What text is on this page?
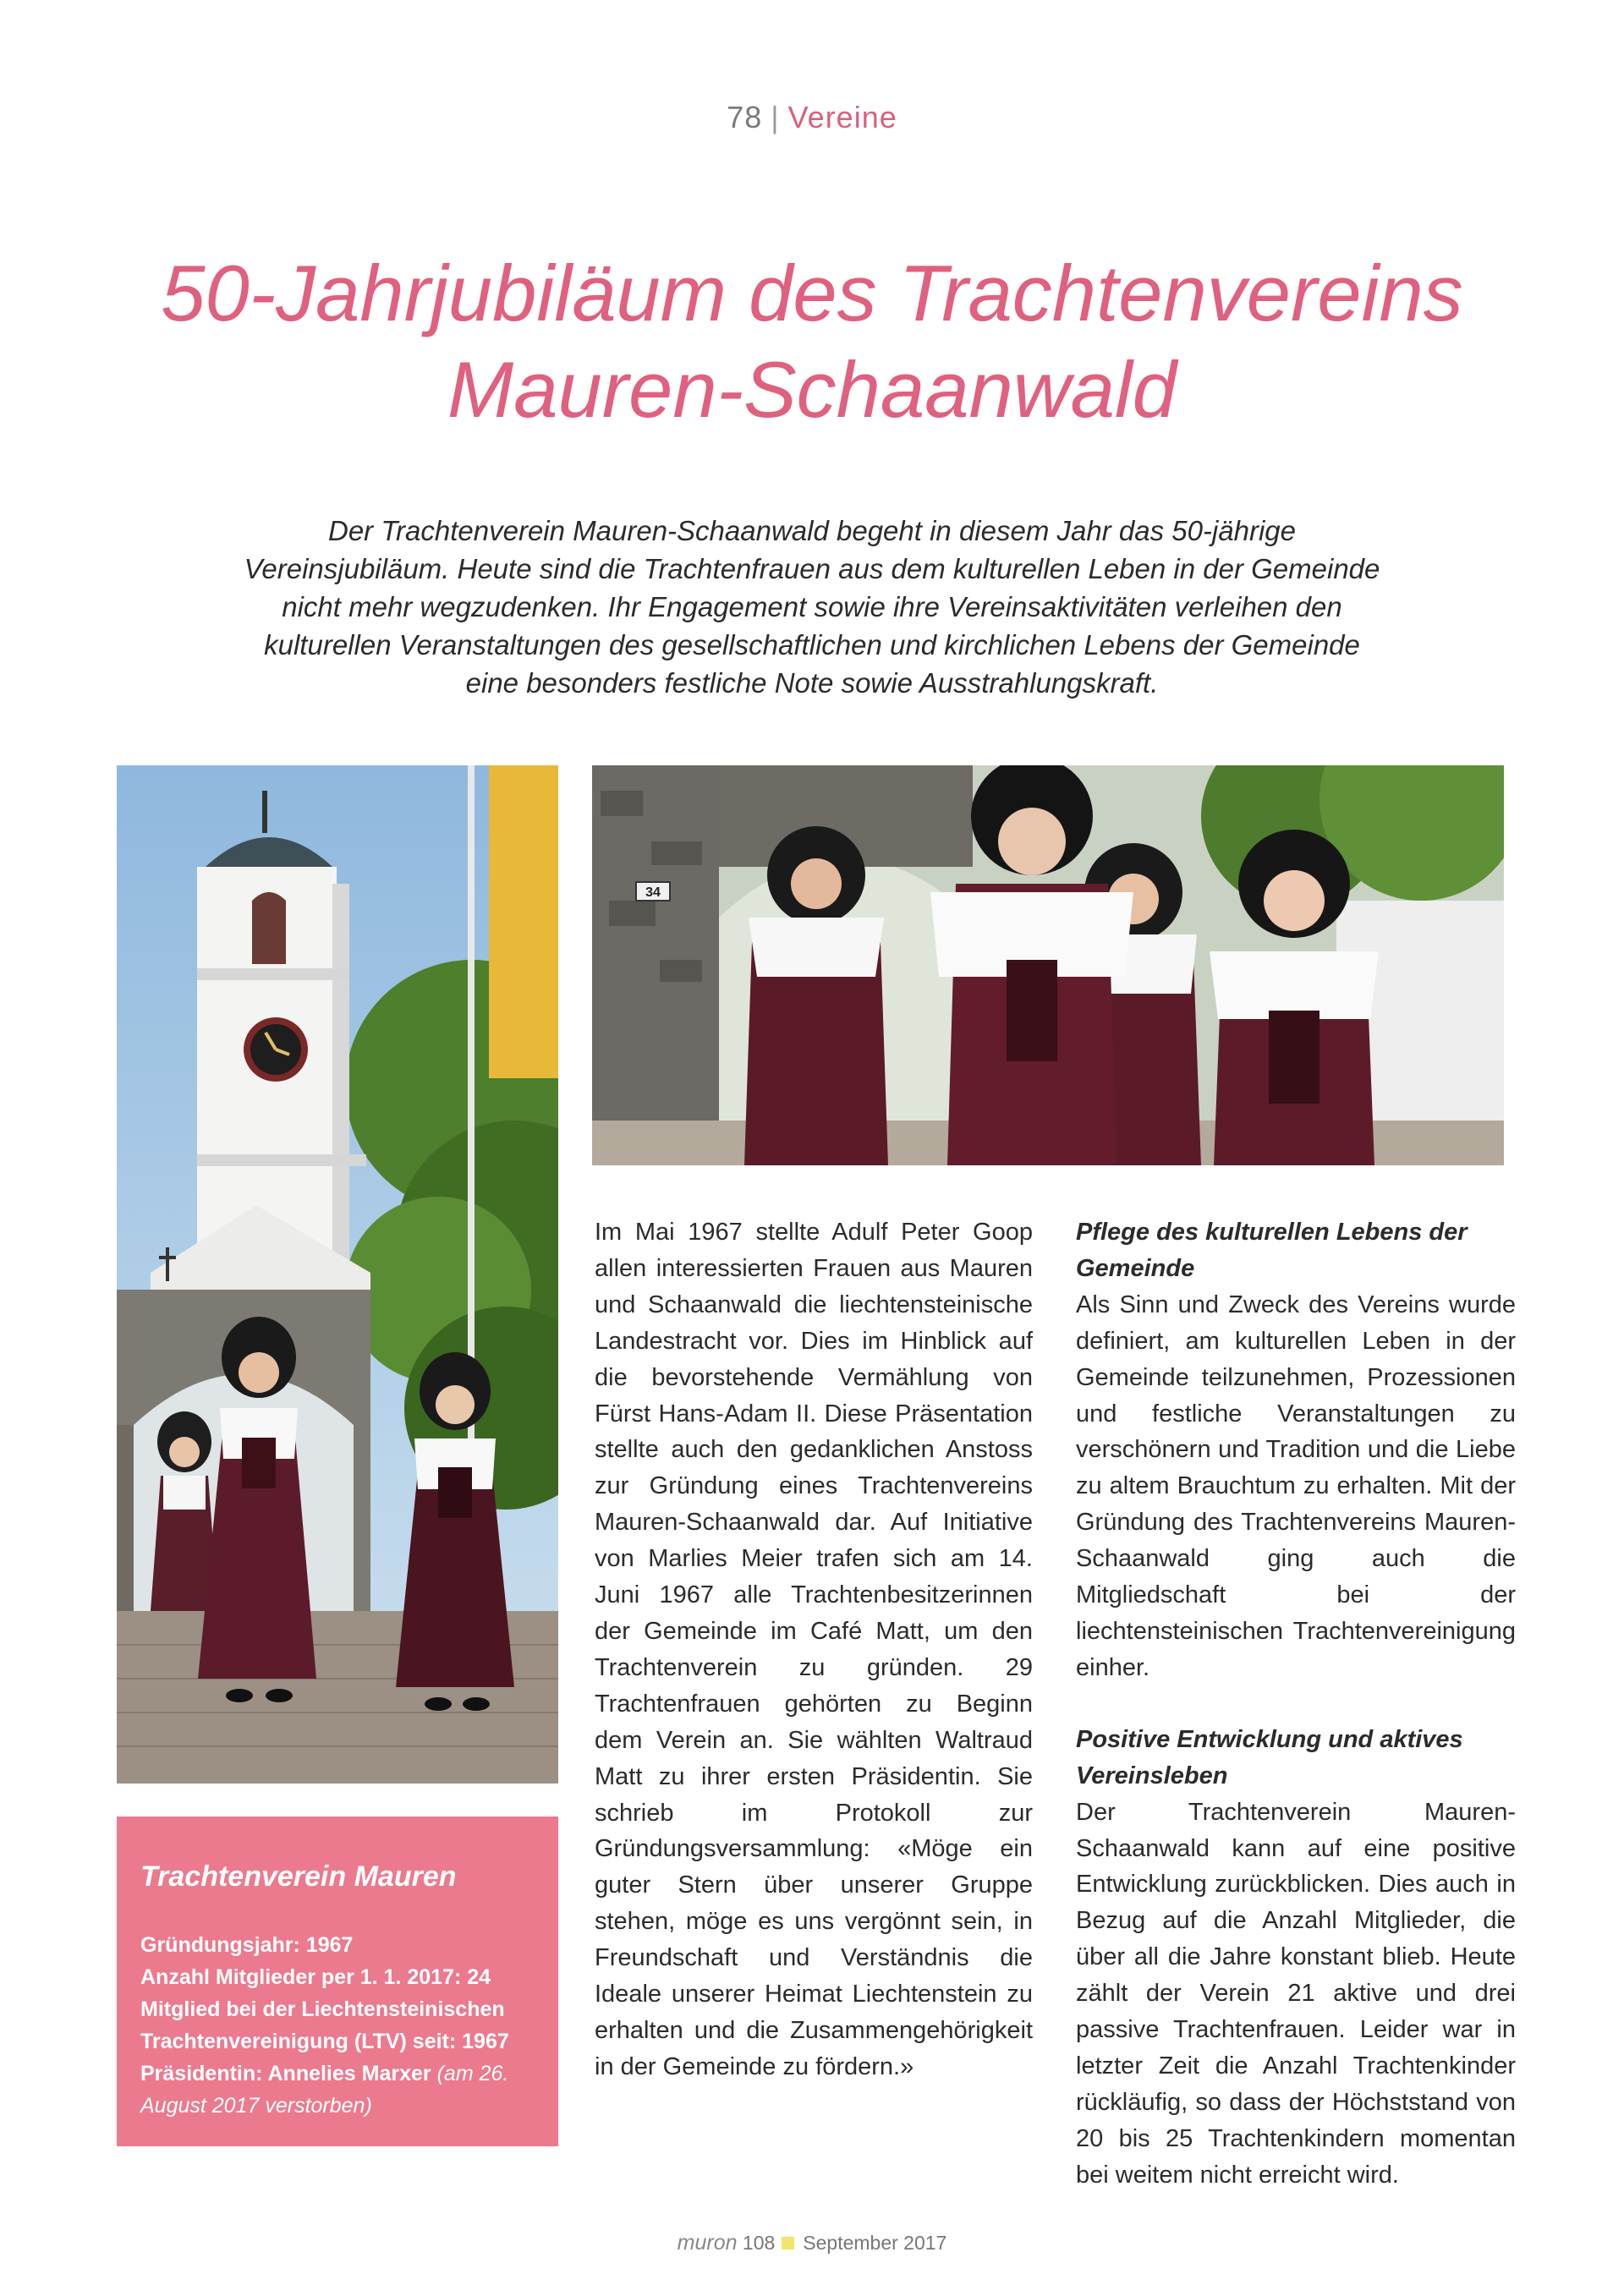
78 | Vereine
50-Jahrjubiläum des Trachtenvereins
Mauren-Schaanwald
Der Trachtenverein Mauren-Schaanwald begeht in diesem Jahr das 50-jährige Vereinsjubiläum. Heute sind die Trachtenfrauen aus dem kulturellen Leben in der Gemeinde nicht mehr wegzudenken. Ihr Engagement sowie ihre Vereinsaktivitäten verleihen den kulturellen Veranstaltungen des gesellschaftlichen und kirchlichen Lebens der Gemeinde eine besonders festliche Note sowie Ausstrahlungskraft.
34
Trachtenverein Mauren
Gründungsjahr: 1967
Anzahl Mitglieder per 1. 1. 2017: 24
Mitglied bei der Liechtensteinischen Trachtenvereinigung (LTV) seit: 1967
Präsidentin: Annelies Marxer (am 26. August 2017 verstorben)

Im Mai 1967 stellte Adulf Peter Goop allen interessierten Frauen aus Mauren und Schaanwald die liechtensteinische Landestracht vor. Dies im Hinblick auf die bevorstehende Vermählung von Fürst Hans-Adam II. Diese Präsentation stellte auch den gedanklichen Anstoss zur Gründung eines Trachtenvereins Mauren-Schaanwald dar. Auf Initiative von Marlies Meier trafen sich am 14. Juni 1967 alle Trachtenbesitzerinnen der Gemeinde im Café Matt, um den Trachtenverein zu gründen. 29 Trachtenfrauen gehörten zu Beginn dem Verein an. Sie wählten Waltraud Matt zu ihrer ersten Präsidentin. Sie schrieb im Protokoll zur Gründungsversammlung: «Möge ein guter Stern über unserer Gruppe stehen, möge es uns vergönnt sein, in Freundschaft und Verständnis die Ideale unserer Heimat Liechtenstein zu erhalten und die Zusammengehörigkeit in der Gemeinde zu fördern.»

Pflege des kulturellen Lebens der Gemeinde

Als Sinn und Zweck des Vereins wurde definiert, am kulturellen Leben in der Gemeinde teilzunehmen, Prozessionen und festliche Veranstaltungen zu verschönern und Tradition und die Liebe zu altem Brauchtum zu erhalten. Mit der Gründung des Trachtenvereins Mauren-Schaanwald ging auch die Mitgliedschaft bei der liechtensteinischen Trachtenvereinigung einher.

Positive Entwicklung und aktives Vereinsleben

Der Trachtenverein Mauren-Schaanwald kann auf eine positive Entwicklung zurückblicken. Dies auch in Bezug auf die Anzahl Mitglieder, die über all die Jahre konstant blieb. Heute zählt der Verein 21 aktive und drei passive Trachtenfrauen. Leider war in letzter Zeit die Anzahl Trachtenkinder rückläufig, so dass der Höchststand von 20 bis 25 Trachtenkindern momentan bei weitem nicht erreicht wird.

muron 108 September 2017
